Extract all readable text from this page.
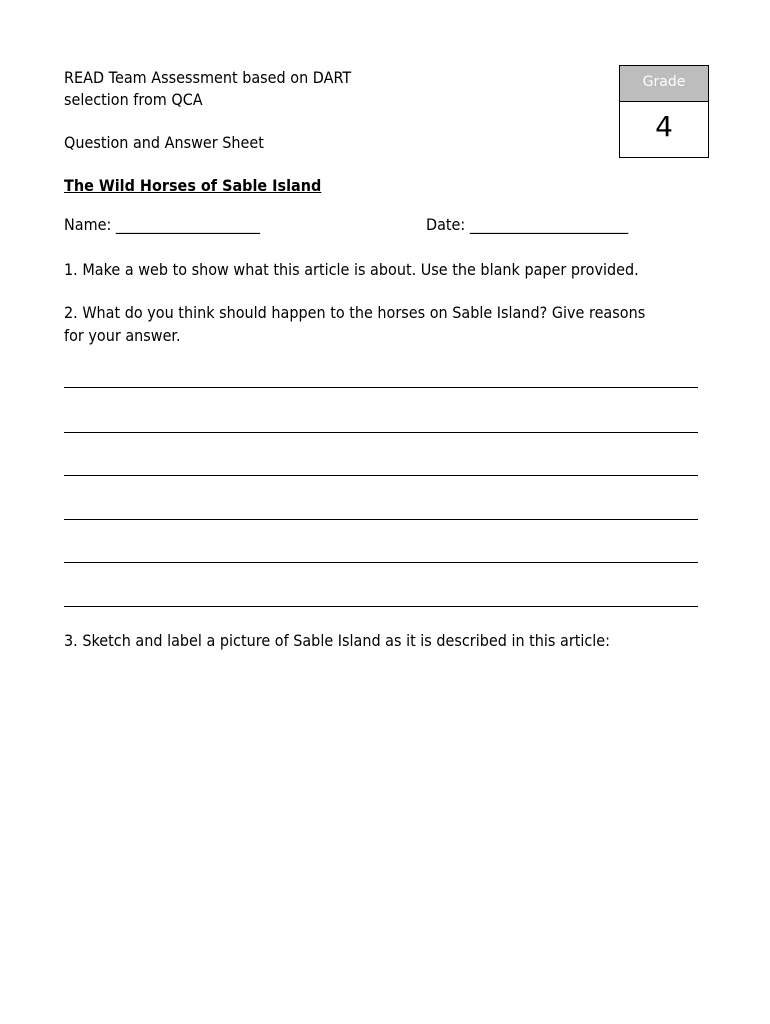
READ Team Assessment based on DART
selection from QCA
Question and Answer Sheet
Grade
4
The Wild Horses of Sable Island
Name: ____________________	Date: ______________________
1. Make a web to show what this article is about. Use the blank paper provided.
2. What do you think should happen to the horses on Sable Island? Give reasons
for your answer.
3. Sketch and label a picture of Sable Island as it is described in this article:
